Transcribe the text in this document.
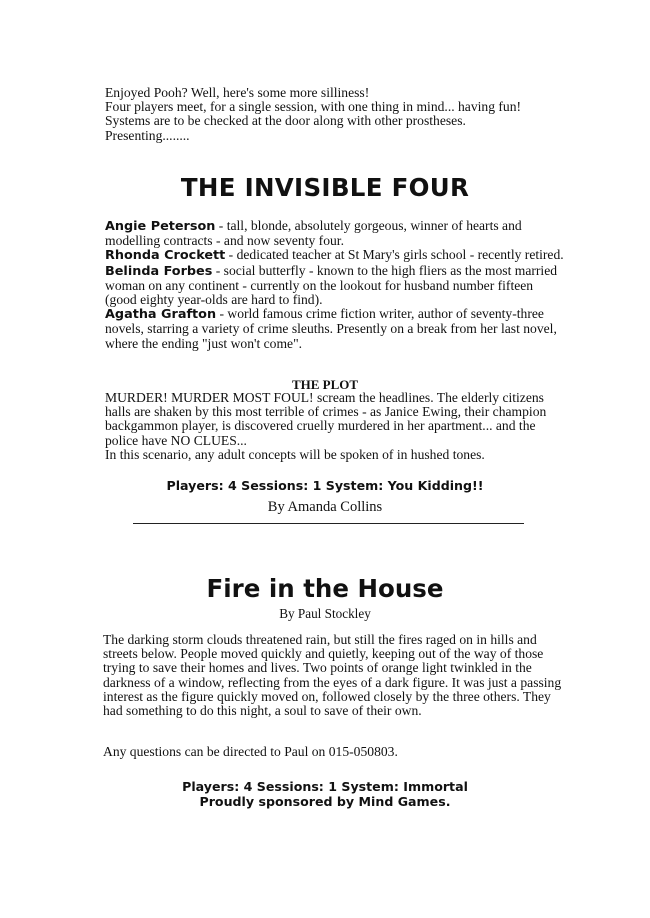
Enjoyed Pooh? Well, here's some more silliness!

Four players meet, for a single session, with one thing in mind... having fun!

Systems are to be checked at the door along with other prostheses.

Presenting........

THE INVISIBLE FOUR

Angie Peterson - tall, blonde, absolutely gorgeous, winner of hearts and modelling contracts - and now seventy four.

Rhonda Crockett - dedicated teacher at St Mary's girls school - recently retired.

Belinda Forbes - social butterfly - known to the high fliers as the most married woman on any continent - currently on the lookout for husband number fifteen (good eighty year-olds are hard to find).

Agatha Grafton - world famous crime fiction writer, author of seventy-three novels, starring a variety of crime sleuths. Presently on a break from her last novel, where the ending "just won't come".

THE PLOT

MURDER! MURDER MOST FOUL! scream the headlines. The elderly citizens halls are shaken by this most terrible of crimes - as Janice Ewing, their champion backgammon player, is discovered cruelly murdered in her apartment... and the police have NO CLUES...

In this scenario, any adult concepts will be spoken of in hushed tones.

Players: 4 Sessions: 1 System: You Kidding!!
By Amanda Collins
Fire in the House
By Paul Stockley

The darking storm clouds threatened rain, but still the fires raged on in hills and streets below. People moved quickly and quietly, keeping out of the way of those trying to save their homes and lives. Two points of orange light twinkled in the darkness of a window, reflecting from the eyes of a dark figure. It was just a passing interest as the figure quickly moved on, followed closely by the three others. They had something to do this night, a soul to save of their own.

Any questions can be directed to Paul on 015-050803.

Players: 4 Sessions: 1 System: Immortal
Proudly sponsored by Mind Games.
